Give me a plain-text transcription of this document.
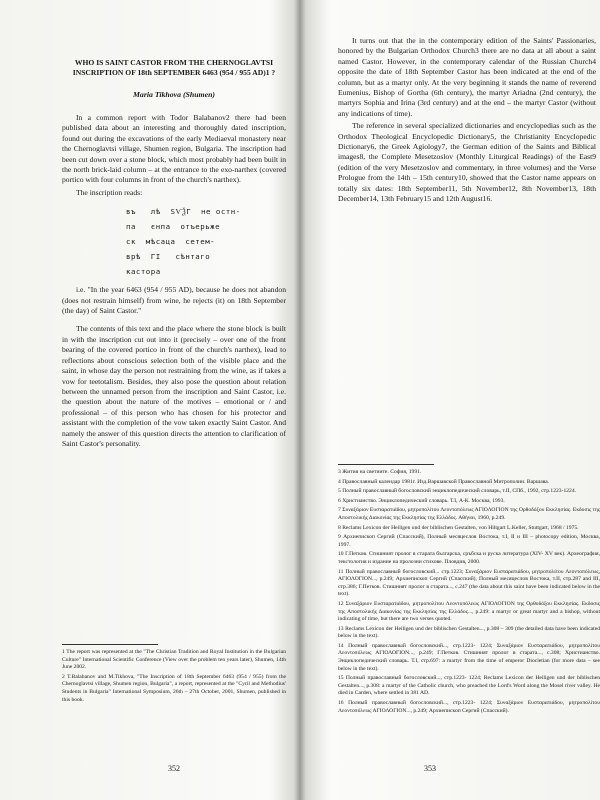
WHO IS SAINT CASTOR FROM THE CHERNOGLAVTSI INSCRIPTION OF 18th SEPTEMBER 6463 (954 / 955 AD)1 ?
Maria Tikhova (Shumen)

In a common report with Todor Balabanov2 there had been published data about an interesting and thoroughly dated inscription, found out during the excavations of the early Mediaeval monastery near the Chernoglavtsi village, Shumen region, Bulgaria. The inscription had been cut down over a stone block, which most probably had been built in the north brick-laid column – at the entrance to the exo-narthex (covered portico with four columns in front of the church's narthex).

The inscription reads:

въ   лѣ  ЅѴѮГ  не остн-
па   єнпа  отъерьже
ск  мѣсаца  сетем-
врѣ  ГІ   сѣнтаго
кастора

i.e. "In the year 6463 (954 / 955 AD), because he does not abandon (does not restrain himself) from wine, he rejects (it) on 18th September (the day) of Saint Castor."

The contents of this text and the place where the stone block is built in with the inscription cut out into it (precisely – over one of the front bearing of the covered portico in front of the church's narthex), lead to reflections about conscious selection both of the visible place and the saint, in whose day the person not restraining from the wine, as if takes a vow for teetotalism. Besides, they also pose the question about relation between the unnamed person from the inscription and Saint Castor, i.e. the question about the nature of the motives – emotional or / and professional – of this person who has chosen for his protector and assistant with the completion of the vow taken exactly Saint Castor. And namely the answer of this question directs the attention to clarification of Saint Castor's personality.

352
1 The report was represented at the "The Christian Tradition and Royal Institution in the Bulgarian Culture" International Scientific Conference (View over the problem ten years later), Shumen, 14th June 2002.
2 T.Balabanov and M.Tikhova, "The Inscription of 18th September 6463 (954 / 955) from the Chernoglavtsi village, Shumen region, Bulgaria", a report, represented at the "Cyril and Methodius' Students in Bulgaria" International Symposium, 26th – 27th October, 2001, Shumen, published in this book.

It turns out that the in the contemporary edition of the Saints' Passionaries, honored by the Bulgarian Orthodox Church3 there are no data at all about a saint named Castor. However, in the contemporary calendar of the Russian Church4 opposite the date of 18th September Castor has been indicated at the end of the column, but as a martyr only. At the very beginning it stands the name of reverend Eumenius, Bishop of Gortha (6th century), the martyr Ariadna (2nd century), the martyrs Sophia and Irina (3rd century) and at the end – the martyr Castor (without any indications of time).

The reference in several specialized dictionaries and encyclopedias such as the Orthodox Theological Encyclopedic Dictionary5, the Christianity Encyclopedic Dictionary6, the Greek Agiology7, the German edition of the Saints and Biblical images8, the Complete Mesetzoslov (Monthly Liturgical Readings) of the East9 (edition of the very Mesetzoslov and commentary, in three volumes) and the Verse Prologue from the 14th – 15th century10, showed that the Castor name appears on totally six dates: 18th September11, 5th November12, 8th November13, 18th December14, 13th February15 and 12th August16.

353
3 Жития на светиите. София, 1991.
4 Православный календар 1981г. Изд.Варшавской Православной Митрополии. Варшава.
5 Полный православный богословский энциклопедический словарь, т.II, СПб., 1992, стр.1223-1224.
6 Христианство. Энциклопедический словарь. Т.I, А-К. Москва, 1993.
7 Συναξάριον Ευσταρατιάδου, μητροπολίτου Λεοντοπόλεως ΑΓΙΟΛΟΓΙΟΝ της Ορθοδόξου Εκκλησίας. Εκδοσις της Αποστολικής Διακονίας της Εκκλησίας της Ελλάδος. Αθήναι, 1960, p.249.
8 Reclams Lexicon der Heiligen und der biblischen Gestalten, von Hiltgart L.Keller, Stuttgart, 1968 / 1975.
9 Архиепископ Сергий (Спасский), Полный месяцеслов Востока, т.I, II и III – photocopy edition, Москва, 1997.
10 Г.Петков. Стишният пролог в старата българска, сръбска и руска литература (XIV- XV век). Археография, текстология и издание на пролозни стихове. Пловдив, 2000.
11 Полный православный богословский... стр.1223; Συναξάριον Ευσταρατιάδου, μητροπολίτου Λεοντοπόλεως, ΑΓΙΟΛΟΓΙΟΝ..., p.249; Архиепископ Сергий (Спасский), Полный месяцеслов Востока, т.II, стр.287 and III, стр.386; Г.Петков. Стишният пролог в старата..., c.247 (the data about this saint have been indicated below in the text).
12 Συναξάριον Ευσταρατιάδου, μητροπολίτου Λεοντοπόλεως ΑΓΙΟΛΟΓΙΟΝ της Ορθοδόξου Εκκλησίας. Εκδοσις της Αποστολικής Διακονίας της Εκκλησίας της Ελλάδος..., p.249: a martyr or great martyr and a bishop, without indicating of time, but there are two verses quoted.
13 Reclams Lexicon der Heiligen und der biblischen Gestalten..., p.308 – 309 (the detailed data have been indicated below in the text).
14 Полный православный богословский..., стр.1223- 1224; Συναξάριον Ευσταρατιάδου, μητροπολίτου Λεοντοπόλεως ΑΓΙΟΛΟΓΙΟΝ..., p.249; Г.Петков. Стишният пролог в старата..., c.308; Христианство. Энциклопедический словарь. Т.I, стр.697: a martyr from the time of emperor Diocletian (for more data – see below in the text).
15 Полный православный богословский..., стр.1223- 1224; Reclams Lexicon der Heiligen und der biblischen Gestalten..., p.308: a martyr of the Catholic church, who preached the Lord's Word along the Mosel river valley. He died in Carden, where settled in 381 AD.
16 Полный православный богословский..., стр.1223- 1224; Συναξάριον Ευσταρατιάδου, μητροπολίτου Λεοντοπόλεως ΑΓΙΟΛΟΓΙΟΝ..., p.249; Архиепископ Сергий (Спасский).
